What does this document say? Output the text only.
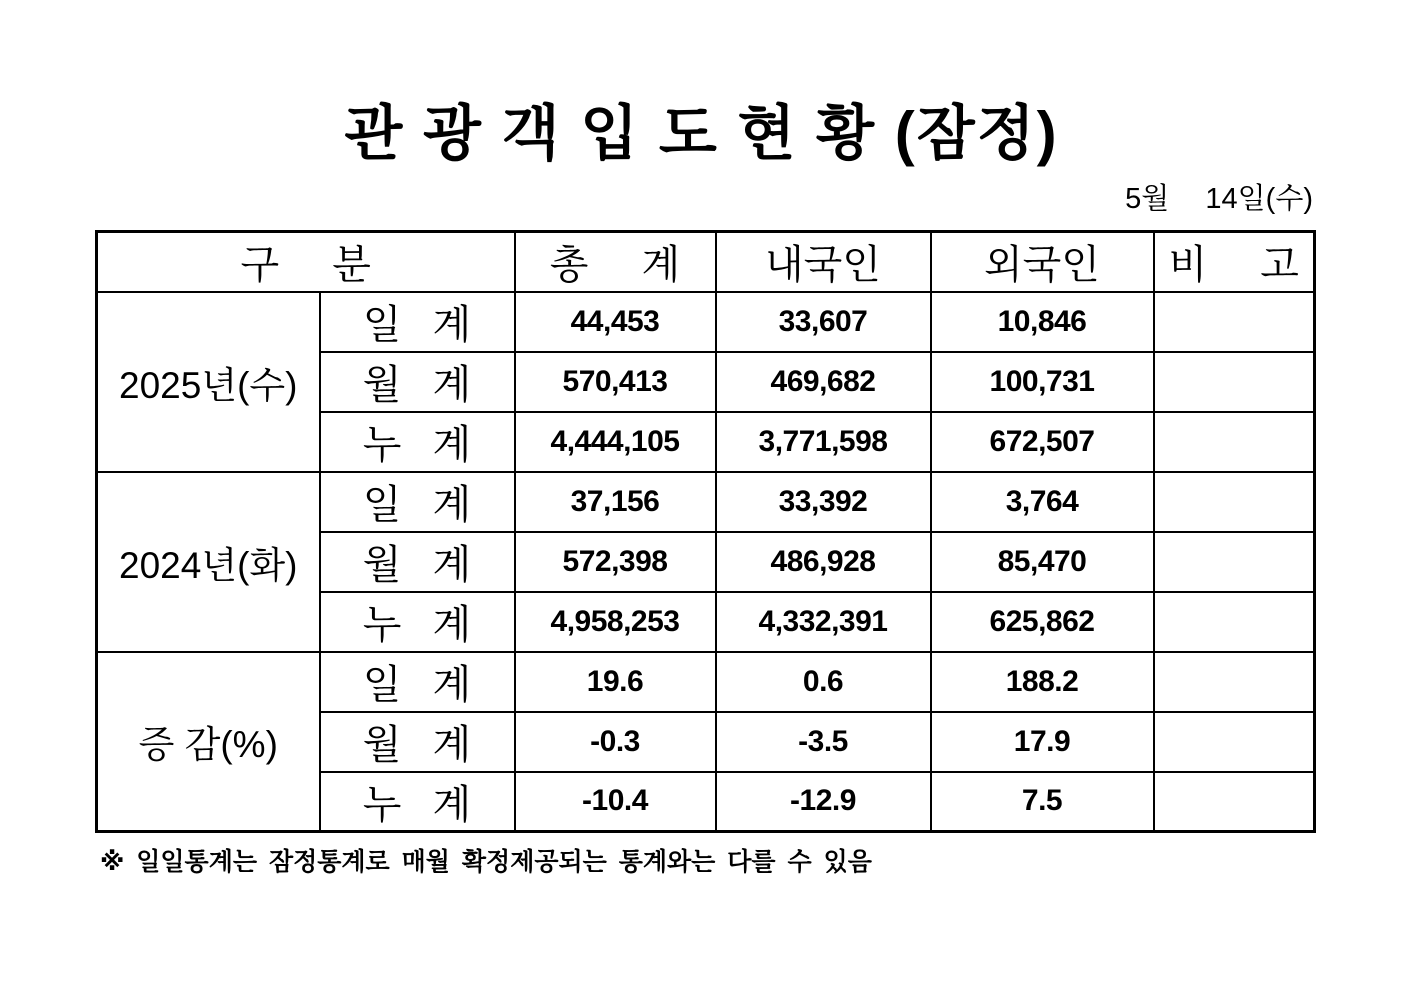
관 광 객 입 도 현 황 (잠정)
5월  14일(수)
구 분		총 계	내국인	외국인	비 고
2025년(수)	일 계	44,453	33,607	10,846	
	월 계	570,413	469,682	100,731	
	누 계	4,444,105	3,771,598	672,507	
2024년(화)	일 계	37,156	33,392	3,764	
	월 계	572,398	486,928	85,470	
	누 계	4,958,253	4,332,391	625,862	
증 감(%)	일 계	19.6	0.6	188.2	
	월 계	-0.3	-3.5	17.9	
	누 계	-10.4	-12.9	7.5	
※ 일일통계는 잠정통계로 매월 확정제공되는 통계와는 다를 수 있음
